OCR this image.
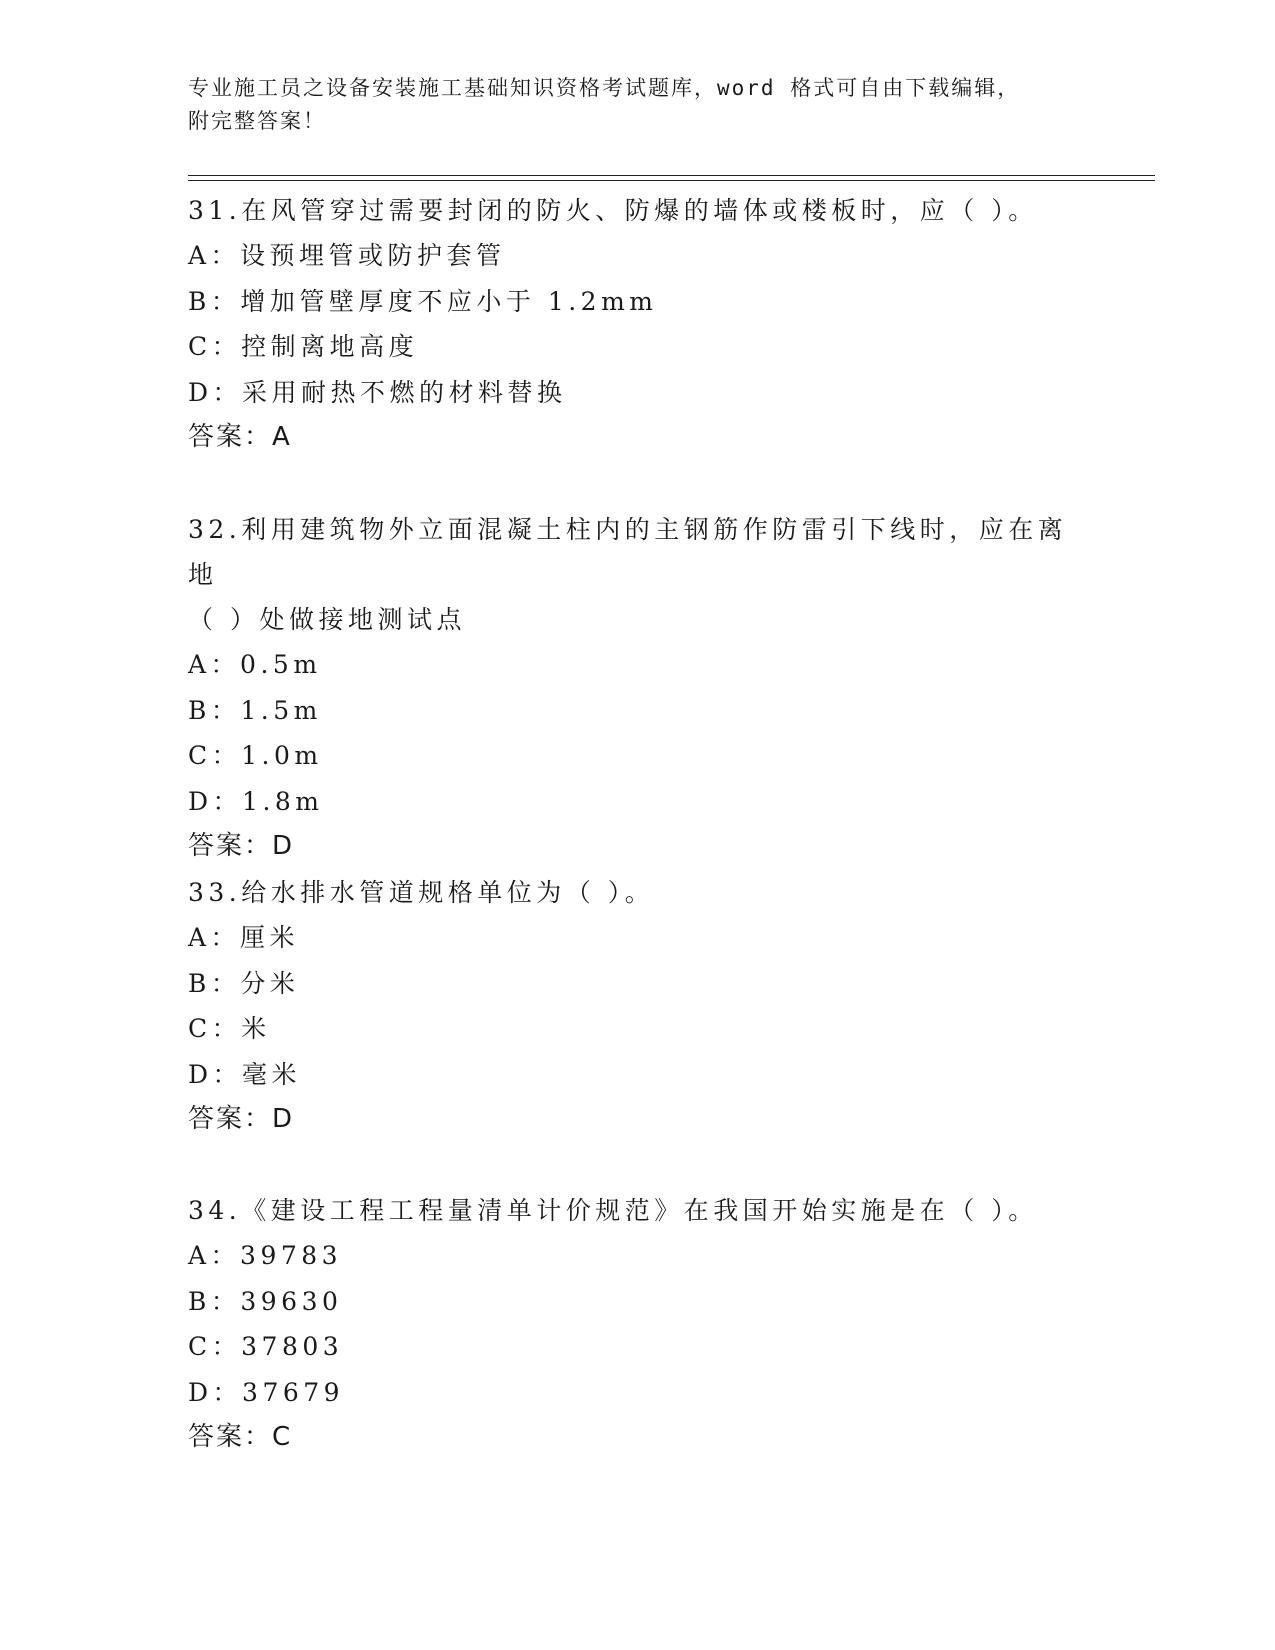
专业施工员之设备安装施工基础知识资格考试题库，word 格式可自由下载编辑，
附完整答案！
31.在风管穿过需要封闭的防火、防爆的墙体或楼板时，应（ ）。
A：设预埋管或防护套管
B：增加管壁厚度不应小于 1.2mm
C：控制离地高度
D：采用耐热不燃的材料替换
答案：A
32.利用建筑物外立面混凝土柱内的主钢筋作防雷引下线时，应在离地
（ ）处做接地测试点
A：0.5m
B：1.5m
C：1.0m
D：1.8m
答案：D
33.给水排水管道规格单位为（ ）。
A：厘米
B：分米
C：米
D：毫米
答案：D
34.《建设工程工程量清单计价规范》在我国开始实施是在（ ）。
A：39783
B：39630
C：37803
D：37679
答案：C
